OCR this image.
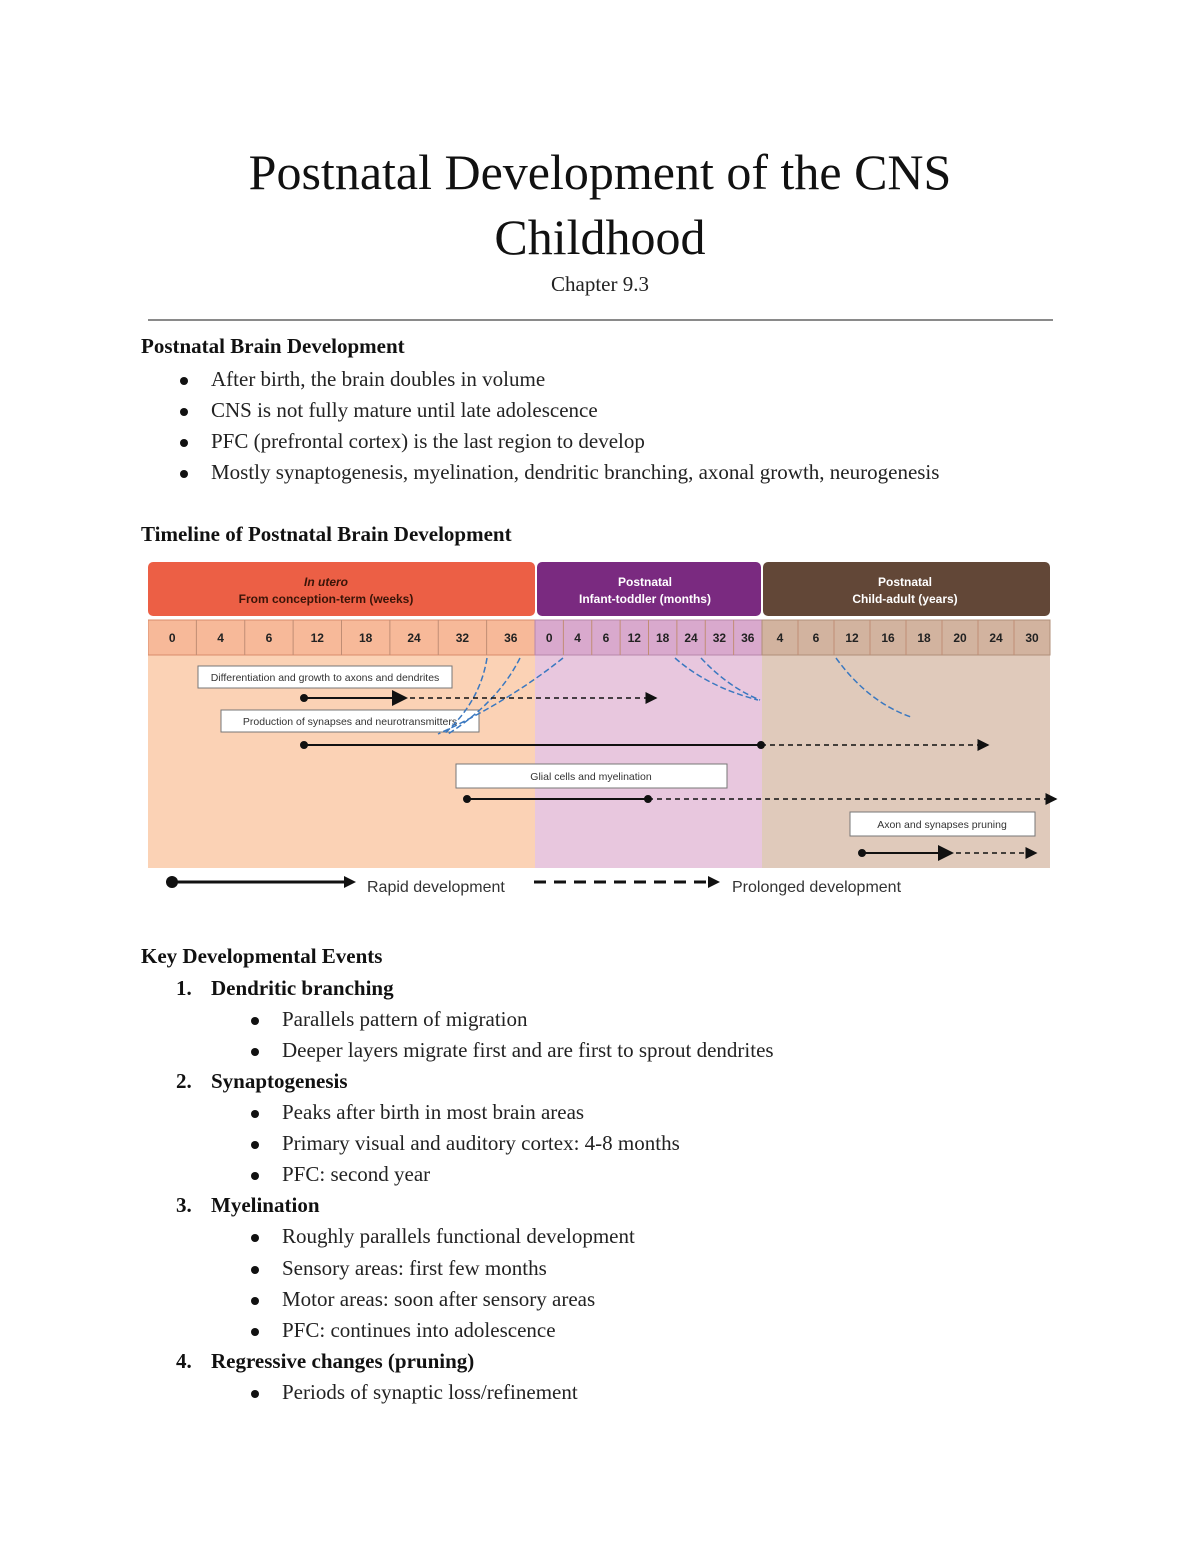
Postnatal Development of the CNS
Childhood
Chapter 9.3
Postnatal Brain Development
After birth, the brain doubles in volume
CNS is not fully mature until late adolescence
PFC (prefrontal cortex) is the last region to develop
Mostly synaptogenesis, myelination, dendritic branching, axonal growth, neurogenesis
Timeline of Postnatal Brain Development
In utero
From conception-term (weeks)
Postnatal
Infant-toddler (months)
Postnatal
Child-adult (years)
0	4	6	12	18	24	32	36 0 4 6 12 18 24 32 36 4 6 12 16 18 20 24 30
Differentiation and growth to axons and dendrites
Production of synapses and neurotransmitters
Glial cells and myelination
Axon and synapses pruning
Rapid development	Prolonged development
Key Developmental Events
1. Dendritic branching
Parallels pattern of migration
Deeper layers migrate first and are first to sprout dendrites
2. Synaptogenesis
Peaks after birth in most brain areas
Primary visual and auditory cortex: 4-8 months
PFC: second year
3. Myelination
Roughly parallels functional development
Sensory areas: first few months
Motor areas: soon after sensory areas
PFC: continues into adolescence
4. Regressive changes (pruning)
Periods of synaptic loss/refinement
